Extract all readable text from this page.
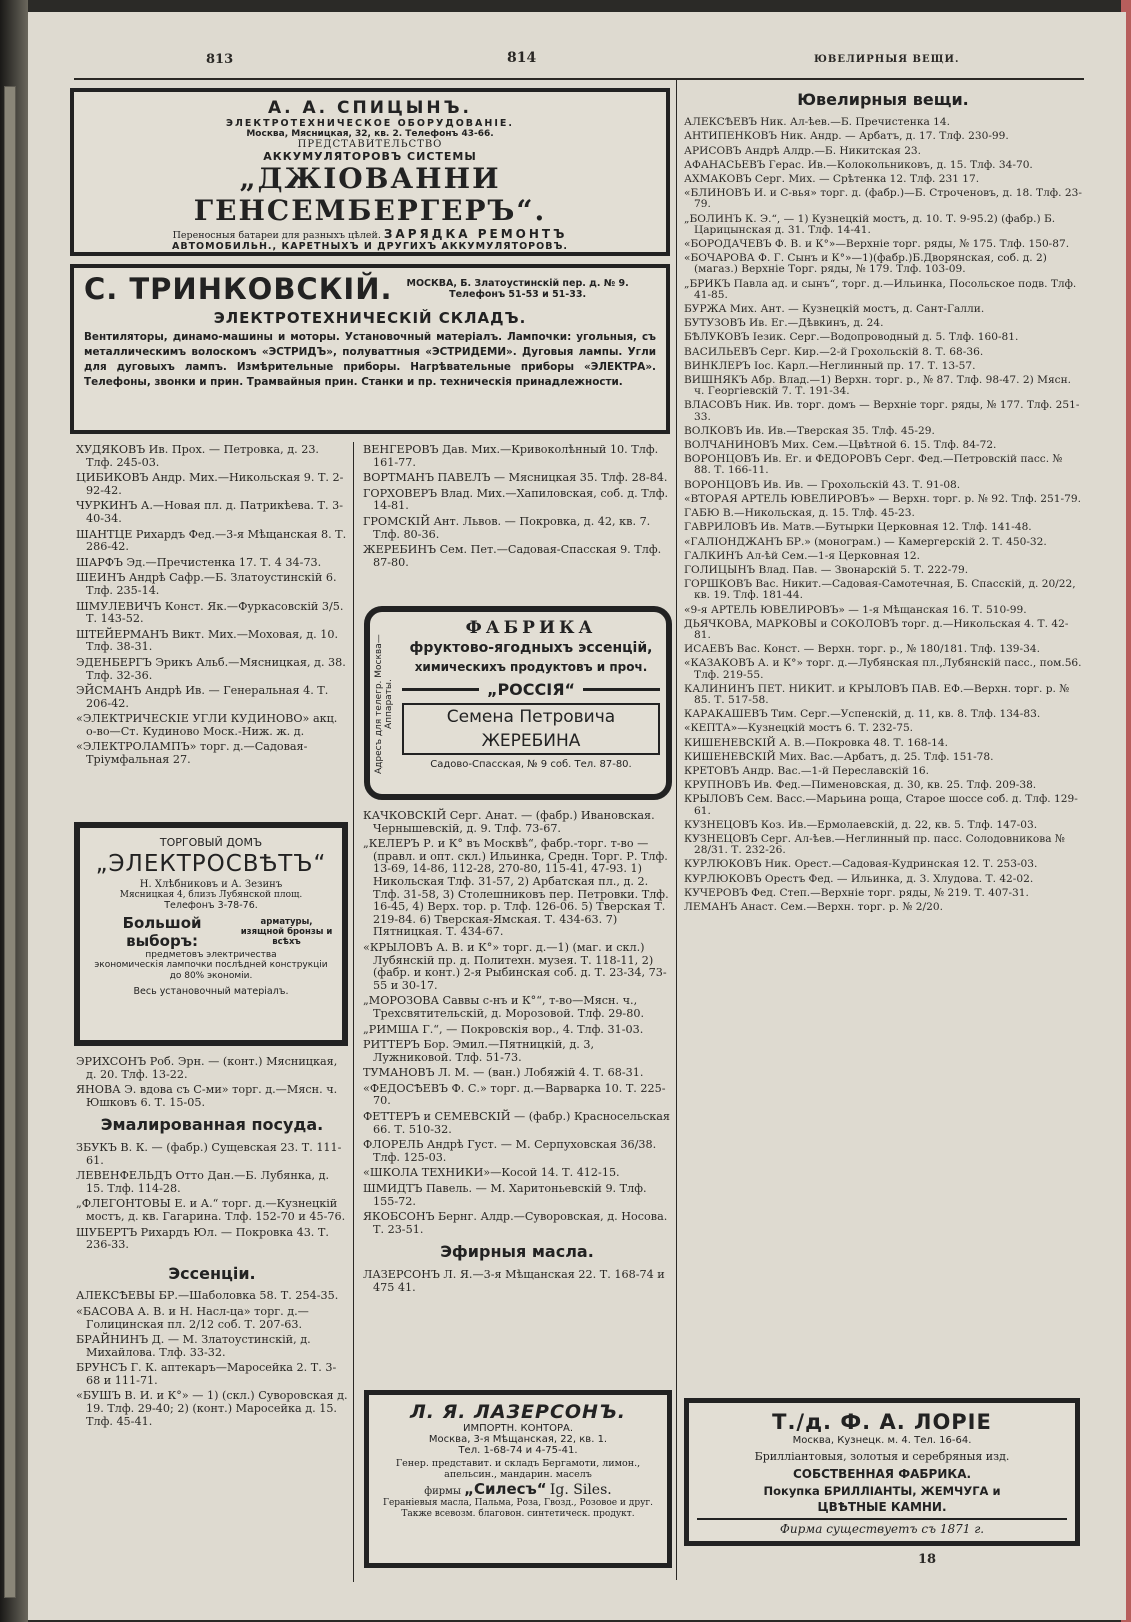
813	814	ЮВЕЛИРНЫЯ ВЕЩИ.
А. А. СПИЦЫНЪ.
ЭЛЕКТРОТЕХНИЧЕСКОЕ ОБОРУДОВАНІЕ.
Москва, Мясницкая, 32, кв. 2. Телефонъ 43-66.
ПРЕДСТАВИТЕЛЬСТВО
АККУМУЛЯТОРОВЪ СИСТЕМЫ
„ДЖІОВАННИ ГЕНСЕМБЕРГЕРЪ“.
Переносныя батареи для разныхъ цѣлей. ЗАРЯДКА РЕМОНТЪ
АВТОМОБИЛЬН., КАРЕТНЫХЪ И ДРУГИХЪ АККУМУЛЯТОРОВЪ.
С. ТРИНКОВСКІЙ. МОСКВА, Б. Златоустинскій пер. д. № 9.
Телефонъ 51-53 и 51-33.
ЭЛЕКТРОТЕХНИЧЕСКІЙ СКЛАДЪ.
Вентиляторы, динамо-машины и моторы. Установочный матеріалъ. Лампочки: угольныя, съ металлическимъ волоскомъ «ЭСТРИДЪ», полуваттныя «ЭСТРИДЕМИ». Дуговыя лампы. Угли для дуговыхъ лампъ. Измѣрительные приборы. Нагрѣвательные приборы «ЭЛЕКТРА». Телефоны, звонки и прин. Трамвайныя прин. Станки и пр. техническія принадлежности.
ХУДЯКОВЪ Ив. Прох. — Петровка, д. 23. Тлф. 245-03.
ЦИБИКОВЪ Андр. Мих.—Никольская 9. Т. 2-92-42.
ЧУРКИНЪ А.—Новая пл. д. Патрикѣева. Т. 3-40-34.
ШАНТЦЕ Рихардъ Фед.—3-я Мѣщанская 8. Т. 286-42.
ШАРФЪ Эд.—Пречистенка 17. Т. 4 34-73.
ШЕИНЪ Андрѣ Сафр.—Б. Златоустинскій 6. Тлф. 235-14.
ШМУЛЕВИЧЪ Конст. Як.—Фуркасовскій 3/5. Т. 143-52.
ШТЕЙЕРМАНЪ Викт. Мих.—Моховая, д. 10. Тлф. 38-31.
ЭДЕНБЕРГЪ Эрикъ Альб.—Мясницкая, д. 38. Тлф. 32-36.
ЭЙСМАНЪ Андрѣ Ив. — Генеральная 4. Т. 206-42.
«ЭЛЕКТРИЧЕСКІЕ УГЛИ КУДИНОВО» акц. о-во—Ст. Кудиново Моск.-Ниж. ж. д.
«ЭЛЕКТРОЛАМПЪ» торг. д.—Садовая-Тріумфальная 27.
ТОРГОВЫЙ ДОМЪ
„ЭЛЕКТРОСВѢТЪ“
Н. Хлѣбниковъ и А. Зезинъ
Мясницкая 4, близъ Лубянской площ.
Телефонъ 3-78-76.
Большой выборъ:
арматуры, изящной бронзы и всѣхъ
предметовъ электричества
экономическія лампочки послѣдней конструкціи до 80% экономіи.
Весь установочный матеріалъ.
ЭРИХСОНЪ Роб. Эрн. — (конт.) Мясницкая, д. 20. Тлф. 13-22.
ЯНОВА Э. вдова съ С-ми» торг. д.—Мясн. ч. Юшковъ 6. Т. 15-05.
Эмалированная посуда.
ЗБУКЪ В. К. — (фабр.) Сущевская 23. Т. 111-61.
ЛЕВЕНФЕЛЬДЪ Отто Дан.—Б. Лубянка, д. 15. Тлф. 114-28.
„ФЛЕГОНТОВЫ Е. и А.“ торг. д.—Кузнецкій мостъ, д. кв. Гагарина. Тлф. 152-70 и 45-76.
ШУБЕРТЪ Рихардъ Юл. — Покровка 43. Т. 236-33.
Эссенціи.
АЛЕКСѢЕВЫ БР.—Шаболовка 58. Т. 254-35.
«БАСОВА А. В. и Н. Насл-ца» торг. д.—Голицинская пл. 2/12 соб. Т. 207-63.
БРАЙНИНЪ Д. — М. Златоустинскій, д. Михайлова. Тлф. 33-32.
БРУНСЪ Г. К. аптекаръ—Маросейка 2. Т. 3-68 и 111-71.
«БУШЪ В. И. и К°» — 1) (скл.) Суворовская д. 19. Тлф. 29-40; 2) (конт.) Маросейка д. 15. Тлф. 45-41.
ВЕНГЕРОВЪ Дав. Мих.—Кривоколѣнный 10. Тлф. 161-77.
ВОРТМАНЪ ПАВЕЛЪ — Мясницкая 35. Тлф. 28-84.
ГОРХОВЕРЪ Влад. Мих.—Хапиловская, соб. д. Тлф. 14-81.
ГРОМСКІЙ Ант. Львов. — Покровка, д. 42, кв. 7. Тлф. 80-36.
ЖЕРЕБИНЪ Сем. Пет.—Садовая-Спасская 9. Тлф. 87-80.
Адресъ для телегр. Москва—Аппараты.
ФАБРИКА
фруктово-ягодныхъ эссенцій,
химическихъ продуктовъ и проч.
„РОССІЯ“
Семена Петровича ЖЕРЕБИНА
Садово-Спасская, № 9 соб. Тел. 87-80.
КАЧКОВСКІЙ Серг. Анат. — (фабр.) Ивановская. Чернышевскій, д. 9. Тлф. 73-67.
„КЕЛЕРЪ Р. и К° въ Москвѣ“, фабр.-торг. т-во — (правл. и опт. скл.) Ильинка, Средн. Торг. Р. Тлф. 13-69, 14-86, 112-28, 270-80, 115-41, 47-93. 1) Никольская Тлф. 31-57, 2) Арбатская пл., д. 2. Тлф. 31-58, 3) Столешниковъ пер. Петровки. Тлф. 16-45, 4) Верх. тор. р. Тлф. 126-06. 5) Тверская Т. 219-84. 6) Тверская-Ямская. Т. 434-63. 7) Пятницкая. Т. 434-67.
«КРЫЛОВЪ А. В. и К°» торг. д.—1) (маг. и скл.) Лубянскій пр. д. Политехн. музея. Т. 118-11, 2) (фабр. и конт.) 2-я Рыбинская соб. д. Т. 23-34, 73-55 и 30-17.
„МОРОЗОВА Саввы с-нъ и К°“, т-во—Мясн. ч., Трехсвятительскій, д. Морозовой. Тлф. 29-80.
„РИМША Г.“, — Покровскія вор., 4. Тлф. 31-03.
РИТТЕРЪ Бор. Эмил.—Пятницкій, д. 3, Лужниковой. Тлф. 51-73.
ТУМАНОВЪ Л. М. — (ван.) Лобяжій 4. Т. 68-31.
«ФЕДОСѢЕВЪ Ф. С.» торг. д.—Варварка 10. Т. 225-70.
ФЕТТЕРЪ и СЕМЕВСКІЙ — (фабр.) Красносельская 66. Т. 510-32.
ФЛОРЕЛЬ Андрѣ Густ. — М. Серпуховская 36/38. Тлф. 125-03.
«ШКОЛА ТЕХНИКИ»—Косой 14. Т. 412-15.
ШМИДТЪ Павель. — М. Харитоньевскій 9. Тлф. 155-72.
ЯКОБСОНЪ Бернг. Алдр.—Суворовская, д. Носова. Т. 23-51.
Эфирныя масла.
ЛАЗЕРСОНЪ Л. Я.—3-я Мѣщанская 22. Т. 168-74 и 475 41.
Л. Я. ЛАЗЕРСОНЪ.
ИМПОРТН. КОНТОРА.
Москва, 3-я Мѣщанская, 22, кв. 1.
Тел. 1-68-74 и 4-75-41.
Генер. представит. и складъ Бергамоти, лимон., апельсин., мандарин. маселъ
фирмы „Силесъ“ Ig. Siles.
Гераніевыя масла, Пальма, Роза, Гвозд., Розовое и друг. Также всевозм. благовон. синтетическ. продукт.
Ювелирныя вещи.
АЛЕКСѢЕВЪ Ник. Ал-ѣев.—Б. Пречистенка 14.
АНТИПЕНКОВЪ Ник. Андр. — Арбатъ, д. 17. Тлф. 230-99.
АРИСОВЪ Андрѣ Алдр.—Б. Никитская 23.
АФАНАСЬЕВЪ Герас. Ив.—Колокольниковъ, д. 15. Тлф. 34-70.
АХМАКОВЪ Серг. Мих. — Срѣтенка 12. Тлф. 231 17.
«БЛИНОВЪ И. и С-вья» торг. д. (фабр.)—Б. Строченовъ, д. 18. Тлф. 23-79.
„БОЛИНЪ К. Э.“, — 1) Кузнецкій мостъ, д. 10. Т. 9-95.2) (фабр.) Б. Царицынская д. 31. Тлф. 14-41.
«БОРОДАЧЕВЪ Ф. В. и К°»—Верхніе торг. ряды, № 175. Тлф. 150-87.
«БОЧАРОВА Ф. Г. Сынъ и К°»—1)(фабр.)Б.Дворянская, соб. д. 2) (магаз.) Верхніе Торг. ряды, № 179. Тлф. 103-09.
„БРИКЪ Павла ад. и сынъ“, торг. д.—Ильинка, Посольское подв. Тлф. 41-85.
БУРЖА Мих. Ант. — Кузнецкій мостъ, д. Сант-Галли.
БУТУЗОВЪ Ив. Ег.—Дѣвкинъ, д. 24.
БѢЛУКОВЪ Іезик. Серг.—Водопроводный д. 5. Тлф. 160-81.
ВАСИЛЬЕВЪ Серг. Кир.—2-й Грохольскій 8. Т. 68-36.
ВИНКЛЕРЪ Іос. Карл.—Неглинный пр. 17. Т. 13-57.
ВИШНЯКЪ Абр. Влад.—1) Верхн. торг. р., № 87. Тлф. 98-47. 2) Мясн. ч. Георгіевскій 7. Т. 191-34.
ВЛАСОВЪ Ник. Ив. торг. домъ — Верхніе торг. ряды, № 177. Тлф. 251-33.
ВОЛКОВЪ Ив. Ив.—Тверская 35. Тлф. 45-29.
ВОЛЧАНИНОВЪ Мих. Сем.—Цвѣтной 6. 15. Тлф. 84-72.
ВОРОНЦОВЪ Ив. Ег. и ФЕДОРОВЪ Серг. Фед.—Петровскій пасс. № 88. Т. 166-11.
ВОРОНЦОВЪ Ив. Ив. — Грохольскій 43. Т. 91-08.
«ВТОРАЯ АРТЕЛЬ ЮВЕЛИРОВЪ» — Верхн. торг. р. № 92. Тлф. 251-79.
ГАБЮ В.—Никольская, д. 15. Тлф. 45-23.
ГАВРИЛОВЪ Ив. Матв.—Бутырки Церковная 12. Тлф. 141-48.
«ГАЛІОНДЖАНЪ БР.» (монограм.) — Камергерскій 2. Т. 450-32.
ГАЛКИНЪ Ал-ѣй Сем.—1-я Церковная 12.
ГОЛИЦЫНЪ Влад. Пав. — Звонарскій 5. Т. 222-79.
ГОРШКОВЪ Вас. Никит.—Садовая-Самотечная, Б. Спасскій, д. 20/22, кв. 19. Тлф. 181-44.
«9-я АРТЕЛЬ ЮВЕЛИРОВЪ» — 1-я Мѣщанская 16. Т. 510-99.
ДЬЯЧКОВА, МАРКОВЫ и СОКОЛОВЪ торг. д.—Никольская 4. Т. 42-81.
ИСАЕВЪ Вас. Конст. — Верхн. торг. р., № 180/181. Тлф. 139-34.
«КАЗАКОВЪ А. и К°» торг. д.—Лубянская пл.,Лубянскій пасс., пом.56. Тлф. 219-55.
КАЛИНИНЪ ПЕТ. НИКИТ. и КРЫЛОВЪ ПАВ. ЕФ.—Верхн. торг. р. № 85. Т. 517-58.
КАРАКАШЕВЪ Тим. Серг.—Успенскій, д. 11, кв. 8. Тлф. 134-83.
«КЕПТА»—Кузнецкій мостъ 6. Т. 232-75.
КИШЕНЕВСКІЙ А. В.—Покровка 48. Т. 168-14.
КИШЕНЕВСКІЙ Мих. Вас.—Арбатъ, д. 25. Тлф. 151-78.
КРЕТОВЪ Андр. Вас.—1-й Переславскій 16.
КРУПНОВЪ Ив. Фед.—Пименовская, д. 30, кв. 25. Тлф. 209-38.
КРЫЛОВЪ Сем. Васс.—Марьина роща, Старое шоссе соб. д. Тлф. 129-61.
КУЗНЕЦОВЪ Коз. Ив.—Ермолаевскій, д. 22, кв. 5. Тлф. 147-03.
КУЗНЕЦОВЪ Серг. Ал-ѣев.—Неглинный пр. пасс. Солодовникова № 28/31. Т. 232-26.
КУРЛЮКОВЪ Ник. Орест.—Садовая-Кудринская 12. Т. 253-03.
КУРЛЮКОВЪ Орестъ Фед. — Ильинка, д. 3. Хлудова. Т. 42-02.
КУЧЕРОВЪ Фед. Степ.—Верхніе торг. ряды, № 219. Т. 407-31.
ЛЕМАНЪ Анаст. Сем.—Верхн. торг. р. № 2/20.
Т./д. Ф. А. ЛОРІЕ
Москва, Кузнецк. м. 4. Тел. 16-64.
Бриллiантовыя, золотыя и серебряныя изд.
СОБСТВЕННАЯ ФАБРИКА.
Покупка БРИЛЛІАНТЫ, ЖЕМЧУГА и
ЦВѢТНЫЕ КАМНИ.
Фирма существуетъ съ 1871 г.
18
